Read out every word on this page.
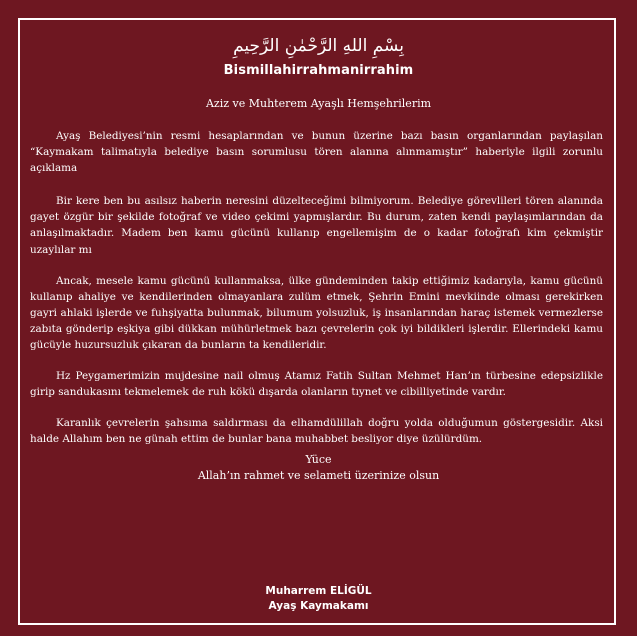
بِسْمِ اللهِ الرَّحْمٰنِ الرَّحِيمِ

Bismillahirrahmanirrahim

Aziz ve Muhterem Ayaşlı Hemşehrilerim

Ayaş Belediyesi’nin resmi hesaplarından ve bunun üzerine bazı basın organlarından paylaşılan “Kaymakam talimatıyla belediye basın sorumlusu tören alanına alınmamıştır” haberiyle ilgili zorunlu açıklama

Bir kere ben bu asılsız haberin neresini düzelteceğimi bilmiyorum. Belediye görevlileri tören alanında gayet özgür bir şekilde fotoğraf ve video çekimi yapmışlardır. Bu durum, zaten kendi paylaşımlarından da anlaşılmaktadır. Madem ben kamu gücünü kullanıp engellemişim de o kadar fotoğrafı kim çekmiştir uzaylılar mı

Ancak, mesele kamu gücünü kullanmaksa, ülke gündeminden takip ettiğimiz kadarıyla, kamu gücünü kullanıp ahaliye ve kendilerinden olmayanlara zulüm etmek, Şehrin Emini mevkiinde olması gerekirken gayri ahlaki işlerde ve fuhşiyatta bulunmak, bilumum yolsuzluk, iş insanlarından haraç istemek vermezlerse zabıta gönderip eşkiya gibi dükkan mühürletmek bazı çevrelerin çok iyi bildikleri işlerdir. Ellerindeki kamu gücüyle huzursuzluk çıkaran da bunların ta kendileridir.

Hz Peygamerimizin mujdesine nail olmuş Atamız Fatih Sultan Mehmet Han’ın türbesine edepsizlikle girip sandukasını tekmelemek de ruh kökü dışarda olanların tıynet ve cibilliyetinde vardır.

Karanlık çevrelerin şahsıma saldırması da elhamdülillah doğru yolda olduğumun göstergesidir. Aksi halde Allahım ben ne günah ettim de bunlar bana muhabbet besliyor diye üzülürdüm.

Yüce

Allah’ın rahmet ve selameti üzerinize olsun

Muharrem ELİGÜL

Ayaş Kaymakamı
